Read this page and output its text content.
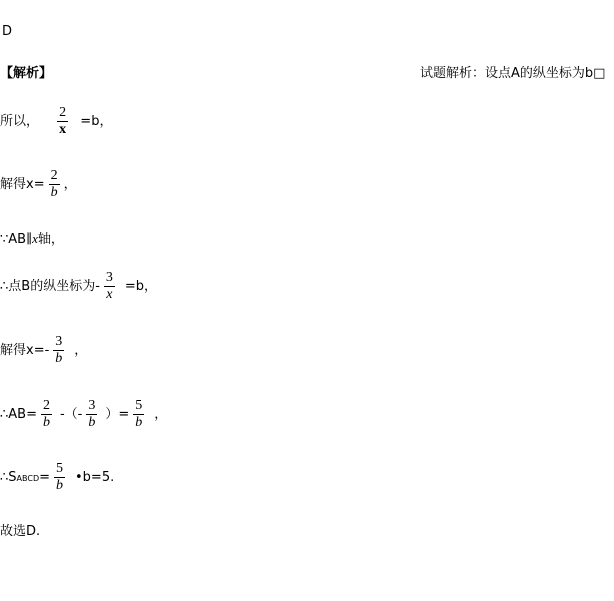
D
【解析】	试题解析：设点A的纵坐标为b□
所以， $\frac{2}{x} =b$，
解得$x= \frac{2}{b}$ ，
∵AB∥x轴，
∴点B的纵坐标为- $\frac{3}{x} =b$，
解得$x=- \frac{3}{b}$ ，
∴AB= $\frac{2}{b}$ -（- $\frac{3}{b}$ ）= $\frac{5}{b}$ ，
∴SABCD= $\frac{5}{b}$ •b=5.
故选D.
